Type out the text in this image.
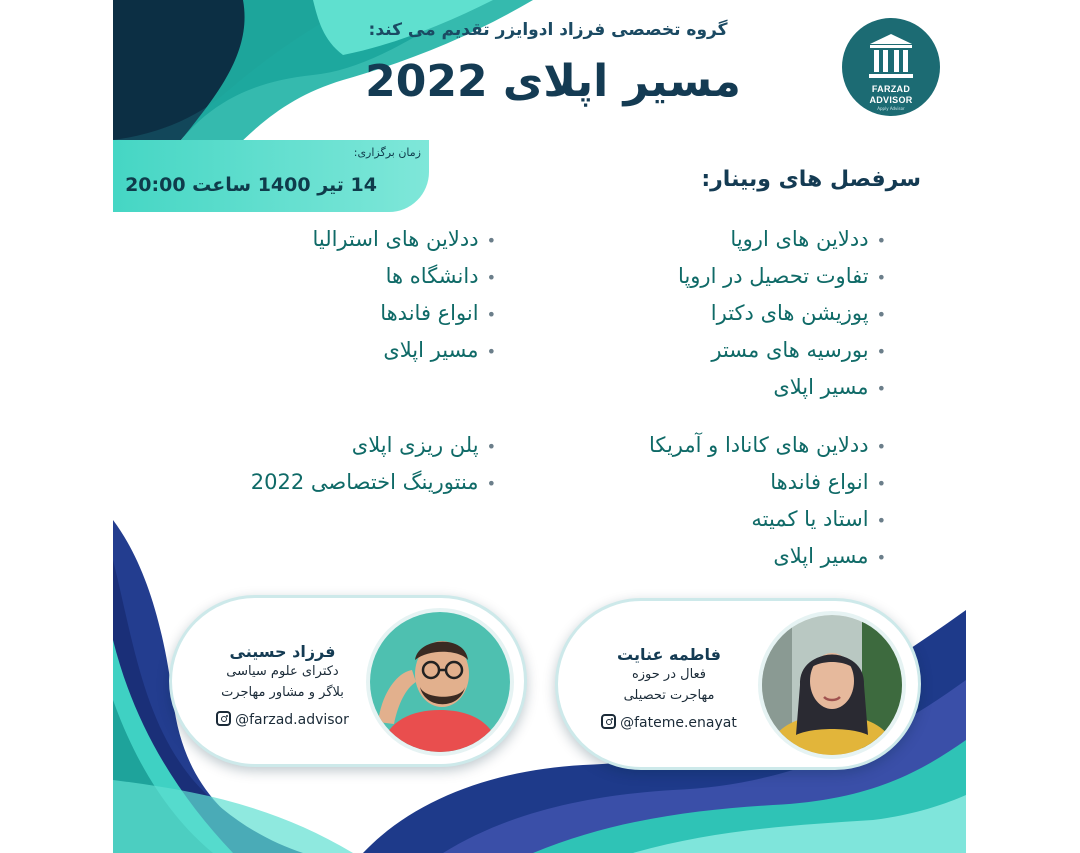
گروه تخصصی فرزاد ادوایزر تقدیم می کند:
مسیر اپلای 2022	FARZAD
ADVISOR
Apply Advisor
زمان برگزاری:
14 تیر 1400 ساعت 20:00	سرفصل های وبینار:
•ددلاین های اروپا
•تفاوت تحصیل در اروپا
•پوزیشن های دکترا
•بورسیه های مستر
•مسیر اپلای
•ددلاین های کانادا و آمریکا
•انواع فاندها
•استاد یا کمیته
•مسیر اپلای
•ددلاین های استرالیا
•دانشگاه ها
•انواع فاندها
•مسیر اپلای
•پلن ریزی اپلای
•منتورینگ اختصاصی 2022
فرزاد حسینی
دکترای علوم سیاسی
بلاگر و مشاور مهاجرت
@farzad.advisor
فاطمه عنایت
فعال در حوزه
مهاجرت تحصیلی
@fateme.enayat
